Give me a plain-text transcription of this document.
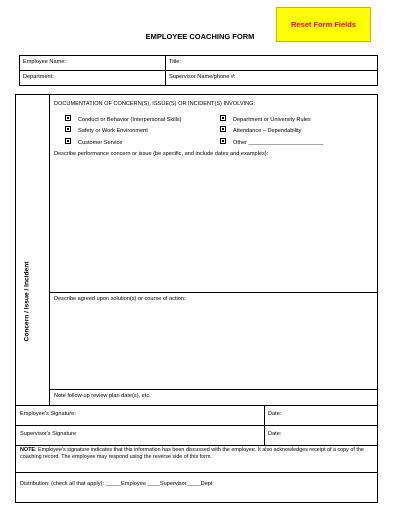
Reset Form Fields
EMPLOYEE COACHING FORM
Employee Name:	Title:
Department:	Supervisor Name/phone #:
Concern / Issue / Incident
DOCUMENTATION OF CONCERN(S), ISSUE(S) OR INCIDENT(S) INVOLVING:
Conduct or Behavior (Interpersonal Skills)
Safety or Work Environment
Customer Service
Department or University Rules
Attendance – Dependability
Other ________________________
Describe performance concern or issue (be specific, and include dates and examples):
Describe agreed upon solution(s) or course of action:
Note follow-up review plan date(s), etc.
Employee's Signature:	Date:
Supervisor's Signature	Date:
NOTE: Employee's signature indicates that this information has been discussed with the employee. It also acknowledges receipt of a copy of the coaching record. The employee may respond using the reverse side of this form.
Distribution: (check all that apply): _____Employee ____Supervisor ____Dept
